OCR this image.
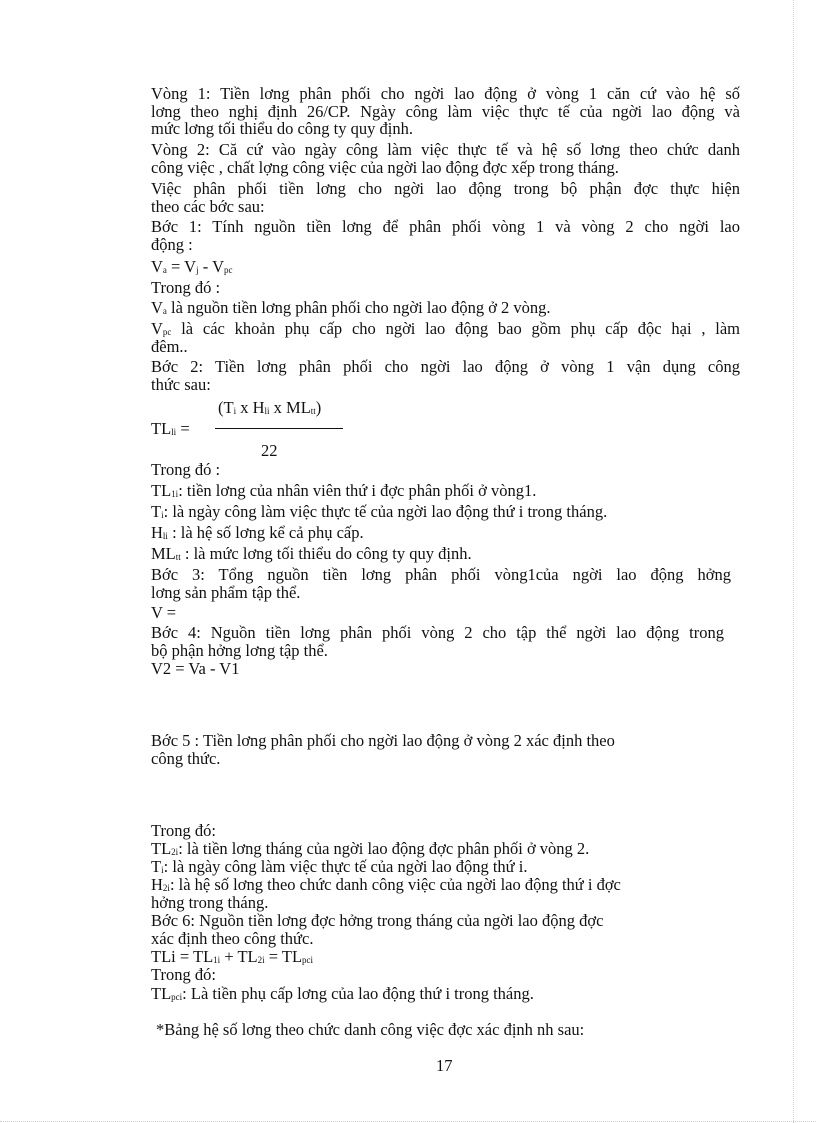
Vòng 1: Tiền lơng phân phối cho ngời lao động ở vòng 1 căn cứ vào hệ số
lơng theo nghị định 26/CP. Ngày công làm việc thực tế của ngời lao động và
mức lơng tối thiểu do công ty quy định.
Vòng 2: Că cứ vào ngày công làm việc thực tế và hệ số lơng theo chức danh
công việc , chất lợng công việc của ngời lao động đợc xếp trong tháng.
Việc phân phối tiền lơng cho ngời lao động trong bộ phận đợc thực hiện
theo các bớc sau:
Bớc 1: Tính nguồn tiền lơng để phân phối vòng 1 và vòng 2 cho ngời lao
động :
$V_a = V_j - V_{pc}$
Trong đó :
$V_a$ là nguồn tiền lơng phân phối cho ngời lao động ở 2 vòng.
$V_{pc}$ là các khoản phụ cấp cho ngời lao động bao gồm phụ cấp độc hại , làm
đêm..
Bớc 2: Tiền lơng phân phối cho ngời lao động ở vòng 1 vận dụng công
thức sau:
($T_i$ x $H_{li}$ x $ML_{tt}$)
$TL_{li}$ =
22
Trong đó :
$TL_{1i}$: tiền lơng của nhân viên thứ i đợc phân phối ở vòng1.
$T_i$: là ngày công làm việc thực tế của ngời lao động thứ i trong tháng.
$H_{li}$ : là hệ số lơng kể cả phụ cấp.
$ML_{tt}$ : là mức lơng tối thiểu do công ty quy định.
Bớc 3: Tổng nguồn tiền lơng phân phối vòng1của ngời lao động hởng
lơng sản phẩm tập thể.
V =
Bớc 4: Nguồn tiền lơng phân phối vòng 2 cho tập thể ngời lao động trong
bộ phận hởng lơng tập thể.
V2 = Va - V1
Bớc 5 : Tiền lơng phân phối cho ngời lao động ở vòng 2 xác định theo
công thức.
Trong đó:
$TL_{2i}$: là tiền lơng tháng của ngời lao động đợc phân phối ở vòng 2.
$T_i$: là ngày công làm việc thực tế của ngời lao động thứ i.
$H_{2i}$: là hệ số lơng theo chức danh công việc của ngời lao động thứ i đợc
hởng trong tháng.
Bớc 6: Nguồn tiền lơng đợc hởng trong tháng của ngời lao động đợc
xác định theo công thức.
TLi = $TL_{1i} + TL_{2i} = TL_{pci}$
Trong đó:
$TL_{pci}$: Là tiền phụ cấp lơng của lao động thứ i trong tháng.
*Bảng hệ số lơng theo chức danh công việc đợc xác định nh sau:
17
